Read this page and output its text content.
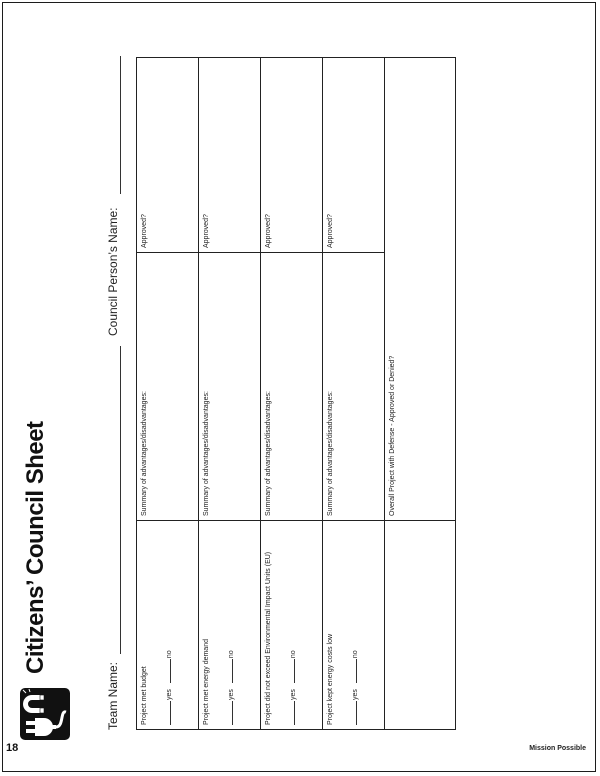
Citizens’ Council Sheet
Team Name:
Council Person’s Name:
Project met budget	yesno
Summary of advantages/disadvantages:
Approved?
Project met energy demand	yesno
Summary of advantages/disadvantages:
Approved?
Project did not exceed Environmental Impact Units (EU)	yesno
Summary of advantages/disadvantages:
Approved?
Project kept energy costs low	yesno
Summary of advantages/disadvantages:
Approved?
Overall Project with Defense - Approved or Denied?
18	Mission Possible
